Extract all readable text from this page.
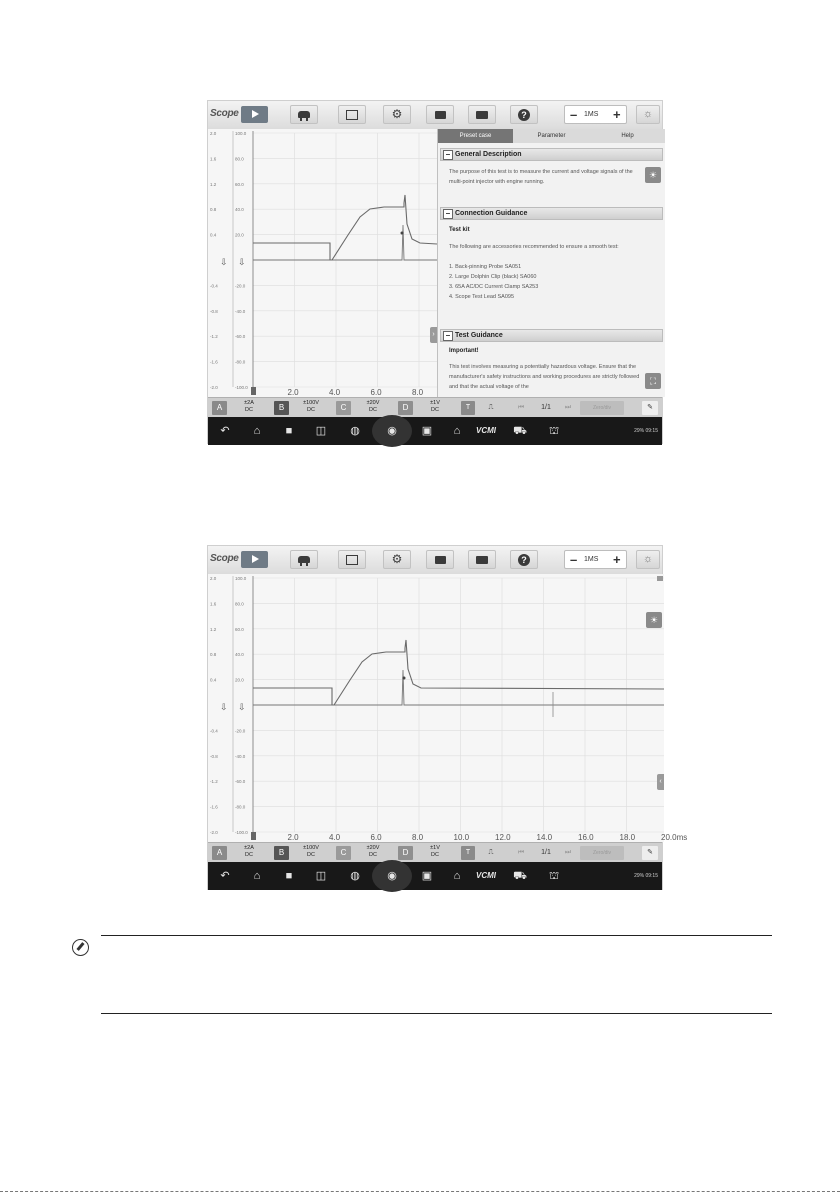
Scope	⚙	?	– 1MS +	☼
2.0	100.0
1.6	80.0
1.2	60.0
0.8	40.0
0.4	20.0
-0.4	-20.0
-0.8	-40.0
-1.2	-60.0
-1.6	-80.0
-2.0	-100.0
2.0	4.0	6.0	8.0
⇩ ⇩
Preset case	Parameter	Help
– General Description
The purpose of this test is to measure the current and voltage signals of the multi-point injector with engine running.
☀
– Connection Guidance
Test kit
The following are accessories recommended to ensure a smooth test:
1. Back-pinning Probe SA051
2. Large Dolphin Clip (black) SA060
3. 65A AC/DC Current Clamp SA253
4. Scope Test Lead SA095
– Test Guidance
Important!
This test involves measuring a potentially hazardous voltage. Ensure that the manufacturer's safety instructions and working procedures are strictly followed and that the actual voltage of the
⛶
›
A	±2A
DC	B	±100V
DC	C	±20V
DC	D	±1V
DC	T	⎍	⏮	1/1	⏭	Zero/div	✎
↶	⌂	■	◫	◍	◉	▣	⌂	VCMI ⛟	⛫	29% 09:15
Scope	⚙	?	– 1MS +	☼
2.0	100.0
1.6	80.0
1.2	60.0
0.8	40.0
0.4	20.0
-0.4	-20.0
-0.8	-40.0
-1.2	-60.0
-1.6	-80.0
-2.0	-100.0
2.0	4.0	6.0	8.0	10.0	12.0	14.0	16.0	18.0	20.0ms
⇩ ⇩
☀
‹
A	±2A
DC	B	±100V
DC	C	±20V
DC	D	±1V
DC	T	⎍	⏮	1/1	⏭	Zero/div	✎
↶	⌂	■	◫	◍	◉	▣	⌂	VCMI ⛟	⛫	29% 09:15
